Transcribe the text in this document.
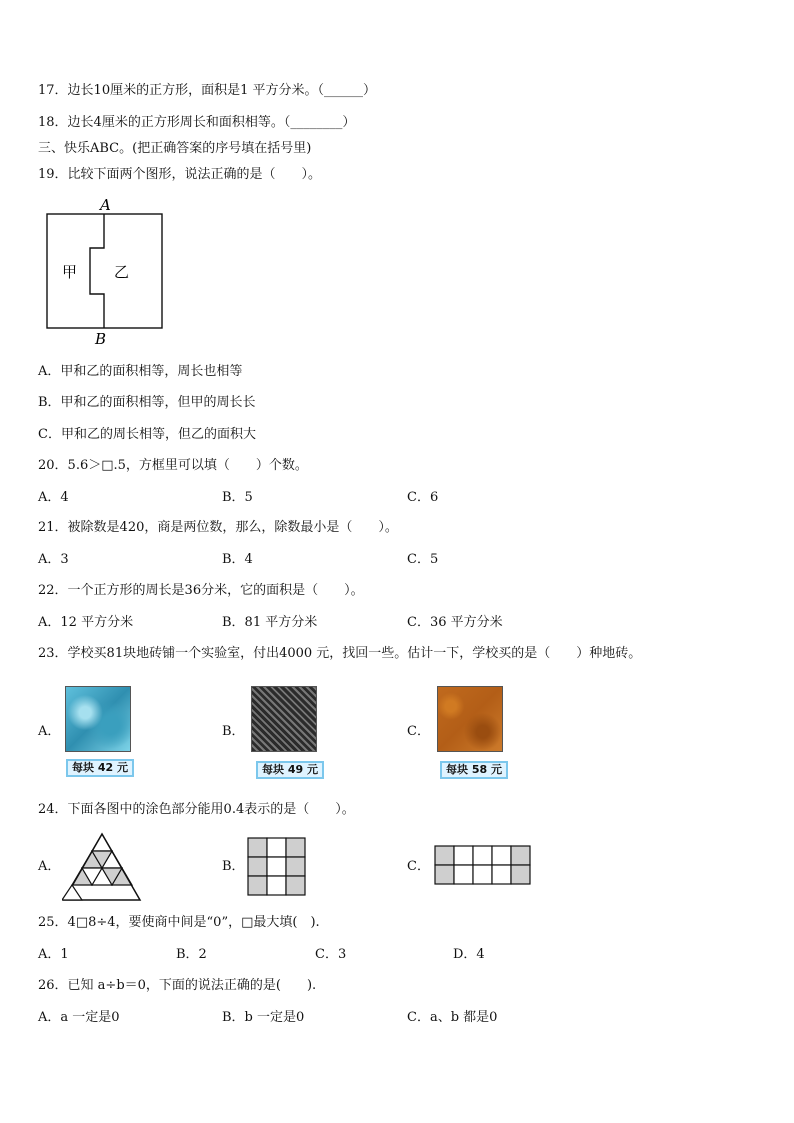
17．边长10厘米的正方形，面积是1 平方分米。（______）
18．边长4厘米的正方形周长和面积相等。（________）
三、快乐ABC。(把正确答案的序号填在括号里)
19．比较下面两个图形，说法正确的是（　　）。
A
B
甲 乙
A．甲和乙的面积相等，周长也相等
B．甲和乙的面积相等，但甲的周长长
C．甲和乙的周长相等，但乙的面积大
20．5.6＞□.5，方框里可以填（　　）个数。
A．4	B．5	C．6
21．被除数是420，商是两位数，那么，除数最小是（　　）。
A．3	B．4	C．5
22．一个正方形的周长是36分米，它的面积是（　　）。
A．12 平方分米	B．81 平方分米	C．36 平方分米
23．学校买81块地砖铺一个实验室，付出4000 元，找回一些。估计一下，学校买的是（　　）种地砖。
A．
每块 42 元
B．
每块 49 元
C．
每块 58 元
24．下面各图中的涂色部分能用0.4表示的是（　　）。
A．	B．	C．
25．4□8÷4，要使商中间是“0”，□最大填(　).
A．1	B．2	C．3	D．4
26．已知 a÷b＝0，下面的说法正确的是(　　).
A．a 一定是0	B．b 一定是0	C．a、b 都是0
